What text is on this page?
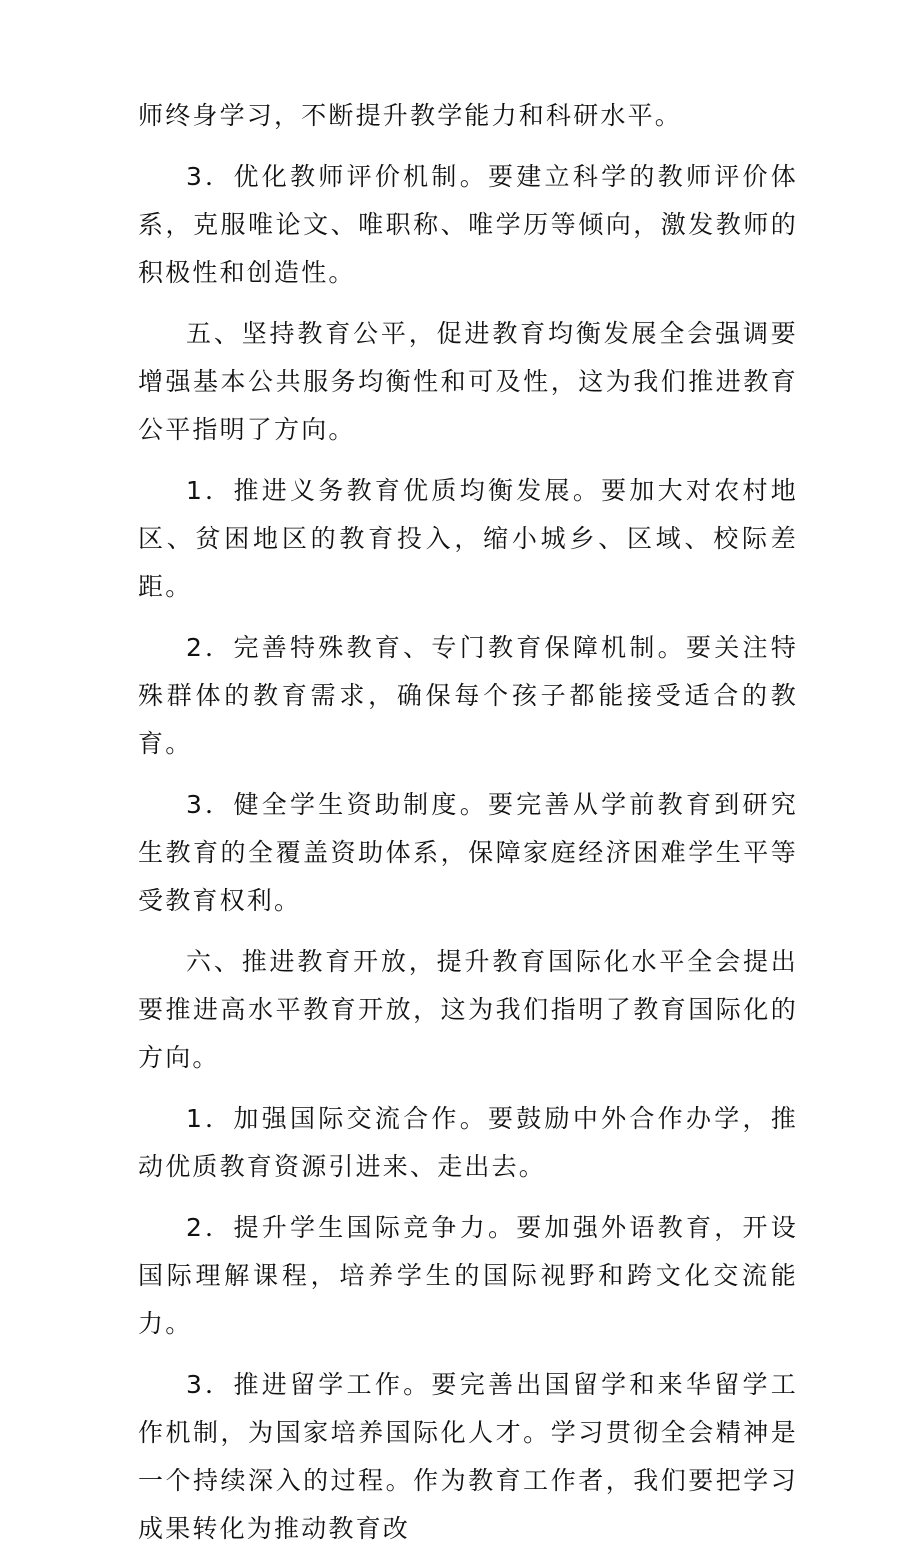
师终身学习，不断提升教学能力和科研水平。

3．优化教师评价机制。要建立科学的教师评价体系，克服唯论文、唯职称、唯学历等倾向，激发教师的积极性和创造性。

五、坚持教育公平，促进教育均衡发展全会强调要增强基本公共服务均衡性和可及性，这为我们推进教育公平指明了方向。

1．推进义务教育优质均衡发展。要加大对农村地区、贫困地区的教育投入，缩小城乡、区域、校际差距。

2．完善特殊教育、专门教育保障机制。要关注特殊群体的教育需求，确保每个孩子都能接受适合的教育。

3．健全学生资助制度。要完善从学前教育到研究生教育的全覆盖资助体系，保障家庭经济困难学生平等受教育权利。

六、推进教育开放，提升教育国际化水平全会提出要推进高水平教育开放，这为我们指明了教育国际化的方向。

1．加强国际交流合作。要鼓励中外合作办学，推动优质教育资源引进来、走出去。

2．提升学生国际竞争力。要加强外语教育，开设国际理解课程，培养学生的国际视野和跨文化交流能力。

3．推进留学工作。要完善出国留学和来华留学工作机制，为国家培养国际化人才。学习贯彻全会精神是一个持续深入的过程。作为教育工作者，我们要把学习成果转化为推动教育改
